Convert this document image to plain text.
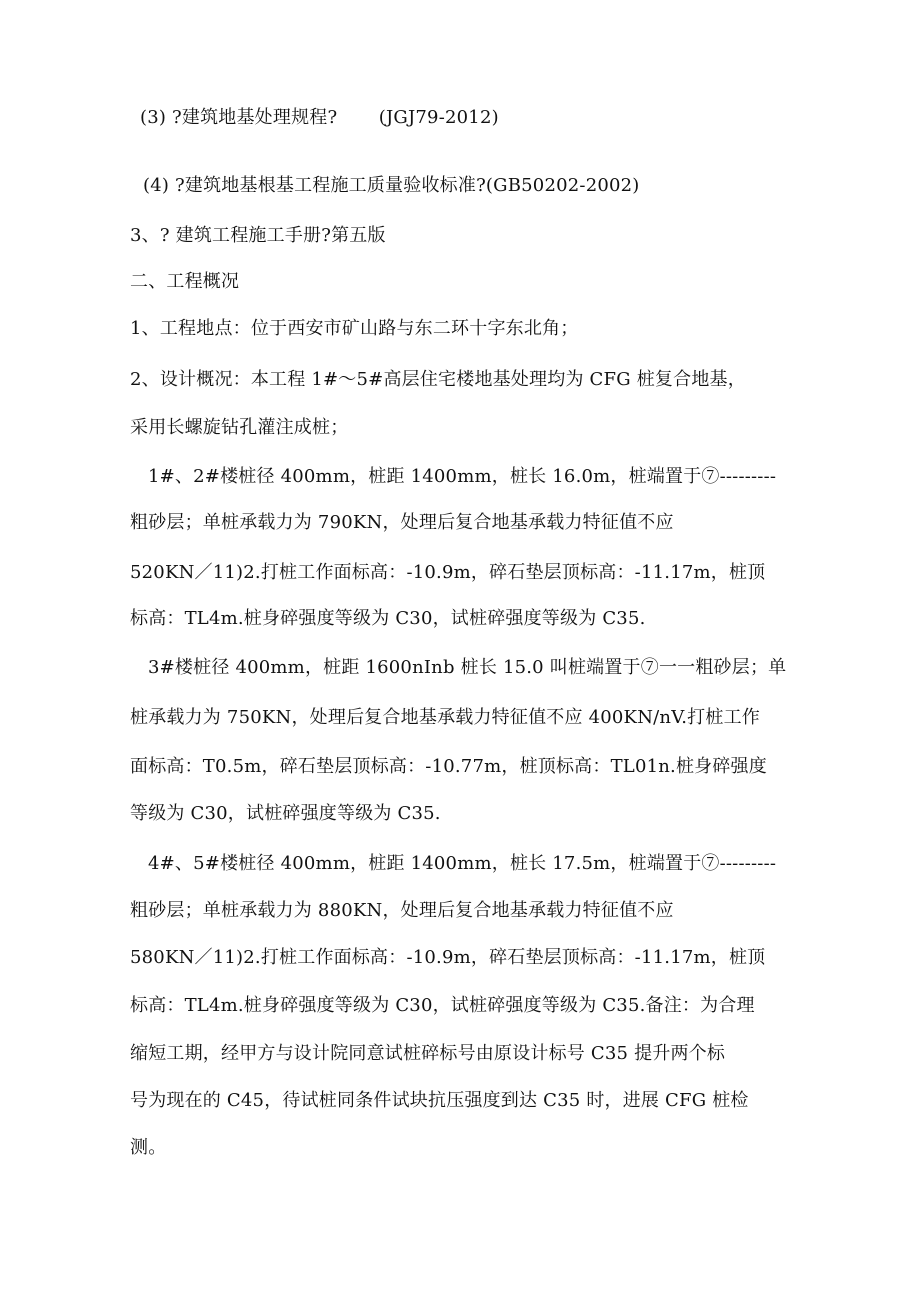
(3) ?建筑地基处理规程?       (JGJ79-2012)
(4) ?建筑地基根基工程施工质量验收标准?(GB50202-2002)
3、? 建筑工程施工手册?第五版
二、工程概况
1、工程地点：位于西安市矿山路与东二环十字东北角；
2、设计概况：本工程 1#～5#高层住宅楼地基处理均为 CFG 桩复合地基，
采用长螺旋钻孔灌注成桩；
1#、2#楼桩径 400mm，桩距 1400mm，桩长 16.0m，桩端置于⑦---------
粗砂层；单桩承载力为 790KN，处理后复合地基承载力特征值不应
520KN／11)2.打桩工作面标高：-10.9m，碎石垫层顶标高：-11.17m，桩顶
标高：TL4m.桩身碎强度等级为 C30，试桩碎强度等级为 C35.
3#楼桩径 400mm，桩距 1600nInb 桩长 15.0 叫桩端置于⑦一一粗砂层；单
桩承载力为 750KN，处理后复合地基承载力特征值不应 400KN/nV.打桩工作
面标高：T0.5m，碎石垫层顶标高：-10.77m，桩顶标高：TL01n.桩身碎强度
等级为 C30，试桩碎强度等级为 C35.
4#、5#楼桩径 400mm，桩距 1400mm，桩长 17.5m，桩端置于⑦---------
粗砂层；单桩承载力为 880KN，处理后复合地基承载力特征值不应
580KN／11)2.打桩工作面标高：-10.9m，碎石垫层顶标高：-11.17m，桩顶
标高：TL4m.桩身碎强度等级为 C30，试桩碎强度等级为 C35.备注：为合理
缩短工期，经甲方与设计院同意试桩碎标号由原设计标号 C35 提升两个标
号为现在的 C45，待试桩同条件试块抗压强度到达 C35 时，进展 CFG 桩检
测。
